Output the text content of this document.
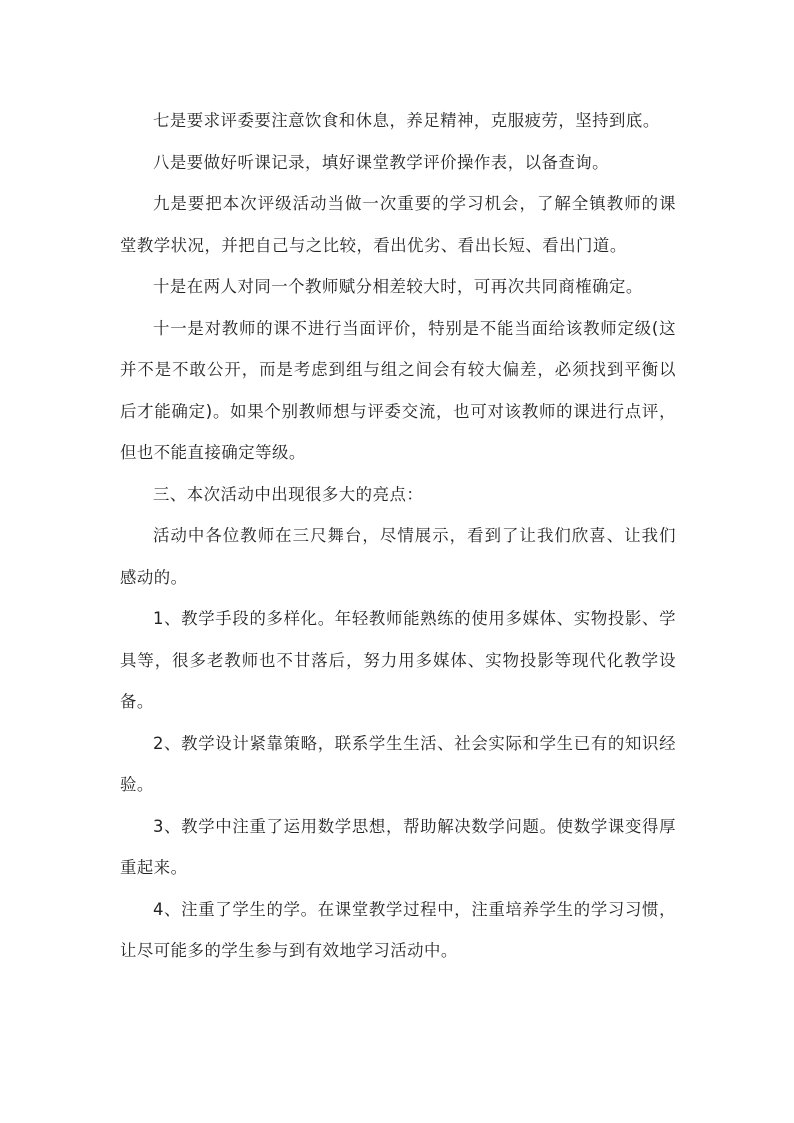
七是要求评委要注意饮食和休息，养足精神，克服疲劳，坚持到底。

八是要做好听课记录，填好课堂教学评价操作表，以备查询。

九是要把本次评级活动当做一次重要的学习机会，了解全镇教师的课堂教学状况，并把自己与之比较，看出优劣、看出长短、看出门道。

十是在两人对同一个教师赋分相差较大时，可再次共同商榷确定。

十一是对教师的课不进行当面评价，特别是不能当面给该教师定级(这并不是不敢公开，而是考虑到组与组之间会有较大偏差，必须找到平衡以后才能确定)。如果个别教师想与评委交流，也可对该教师的课进行点评，但也不能直接确定等级。

三、本次活动中出现很多大的亮点：

活动中各位教师在三尺舞台，尽情展示，看到了让我们欣喜、让我们感动的。

1、教学手段的多样化。年轻教师能熟练的使用多媒体、实物投影、学具等，很多老教师也不甘落后，努力用多媒体、实物投影等现代化教学设备。

2、教学设计紧靠策略，联系学生生活、社会实际和学生已有的知识经验。

3、教学中注重了运用数学思想，帮助解决数学问题。使数学课变得厚重起来。

4、注重了学生的学。在课堂教学过程中，注重培养学生的学习习惯，让尽可能多的学生参与到有效地学习活动中。
